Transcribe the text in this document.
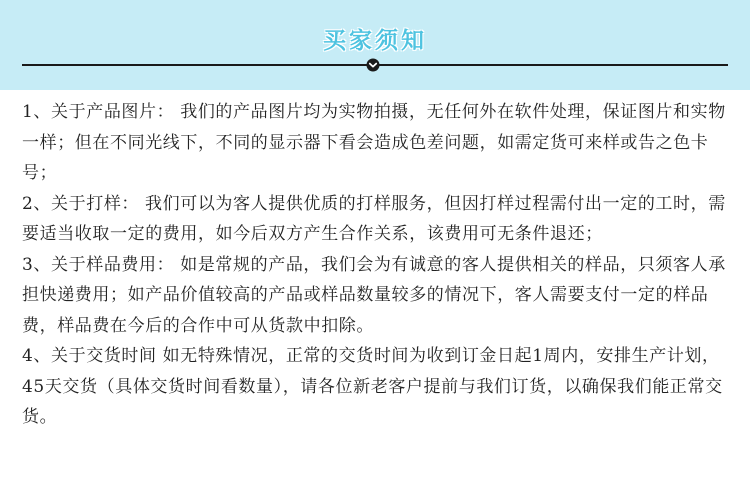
买家须知

1、关于产品图片： 我们的产品图片均为实物拍摄，无任何外在软件处理，保证图片和实物一样；但在不同光线下，不同的显示器下看会造成色差问题，如需定货可来样或告之色卡号；

2、关于打样： 我们可以为客人提供优质的打样服务，但因打样过程需付出一定的工时，需要适当收取一定的费用，如今后双方产生合作关系，该费用可无条件退还；

3、关于样品费用： 如是常规的产品，我们会为有诚意的客人提供相关的样品，只须客人承担快递费用；如产品价值较高的产品或样品数量较多的情况下，客人需要支付一定的样品费，样品费在今后的合作中可从货款中扣除。

4、关于交货时间 如无特殊情况，正常的交货时间为收到订金日起1周内，安排生产计划，45天交货（具体交货时间看数量），请各位新老客户提前与我们订货，以确保我们能正常交货。
